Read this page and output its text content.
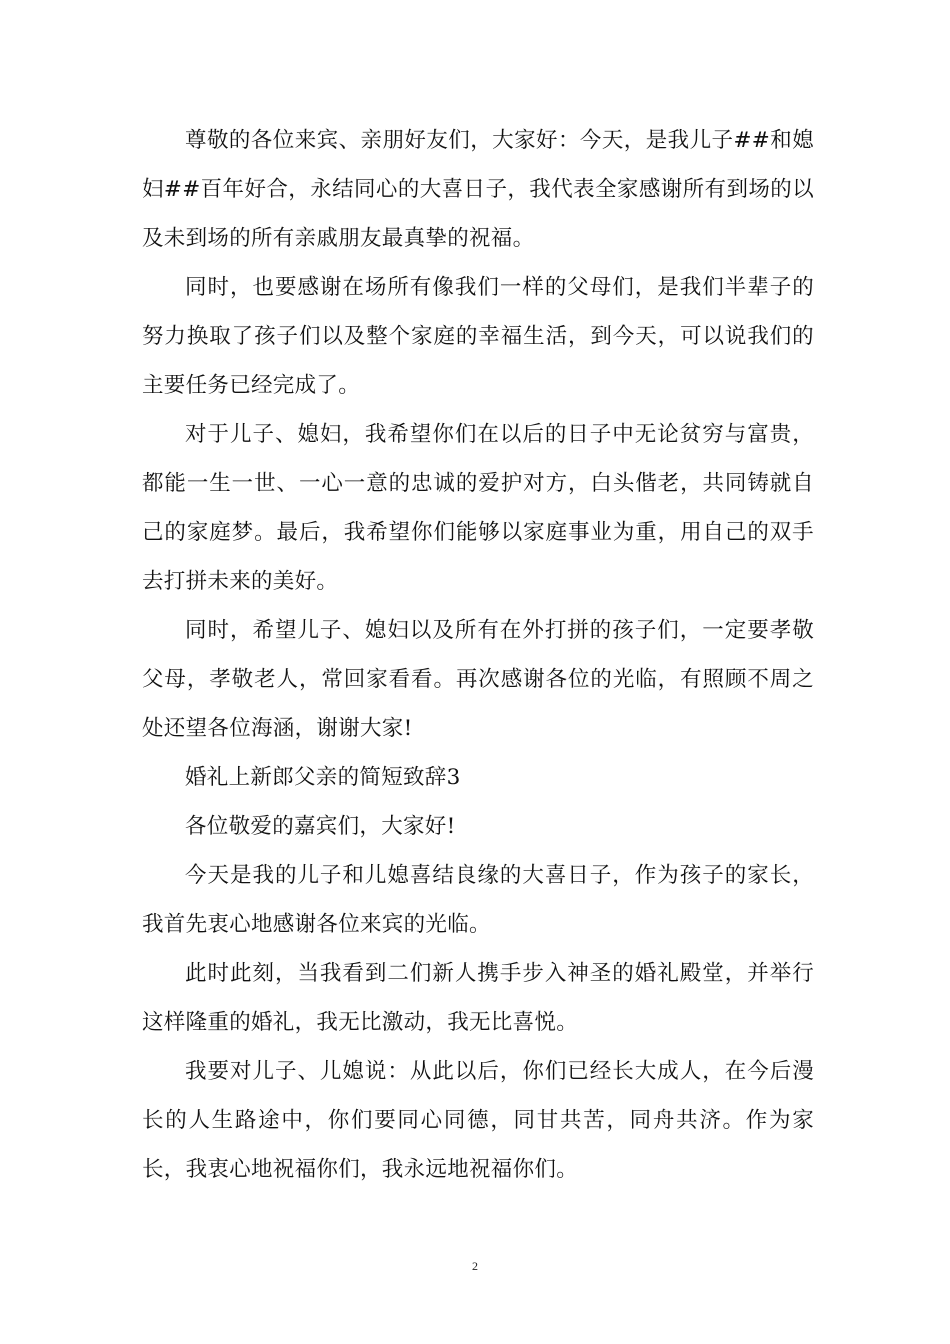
尊敬的各位来宾、亲朋好友们，大家好：今天，是我儿子##和媳妇##百年好合，永结同心的大喜日子，我代表全家感谢所有到场的以及未到场的所有亲戚朋友最真挚的祝福。

同时，也要感谢在场所有像我们一样的父母们，是我们半辈子的努力换取了孩子们以及整个家庭的幸福生活，到今天，可以说我们的主要任务已经完成了。

对于儿子、媳妇，我希望你们在以后的日子中无论贫穷与富贵，都能一生一世、一心一意的忠诚的爱护对方，白头偕老，共同铸就自己的家庭梦。最后，我希望你们能够以家庭事业为重，用自己的双手去打拼未来的美好。

同时，希望儿子、媳妇以及所有在外打拼的孩子们，一定要孝敬父母，孝敬老人，常回家看看。再次感谢各位的光临，有照顾不周之处还望各位海涵，谢谢大家!

婚礼上新郎父亲的简短致辞3

各位敬爱的嘉宾们，大家好!

今天是我的儿子和儿媳喜结良缘的大喜日子，作为孩子的家长，我首先衷心地感谢各位来宾的光临。

此时此刻，当我看到二们新人携手步入神圣的婚礼殿堂，并举行这样隆重的婚礼，我无比激动，我无比喜悦。

我要对儿子、儿媳说：从此以后，你们已经长大成人，在今后漫长的人生路途中，你们要同心同德，同甘共苦，同舟共济。作为家长，我衷心地祝福你们，我永远地祝福你们。

2
